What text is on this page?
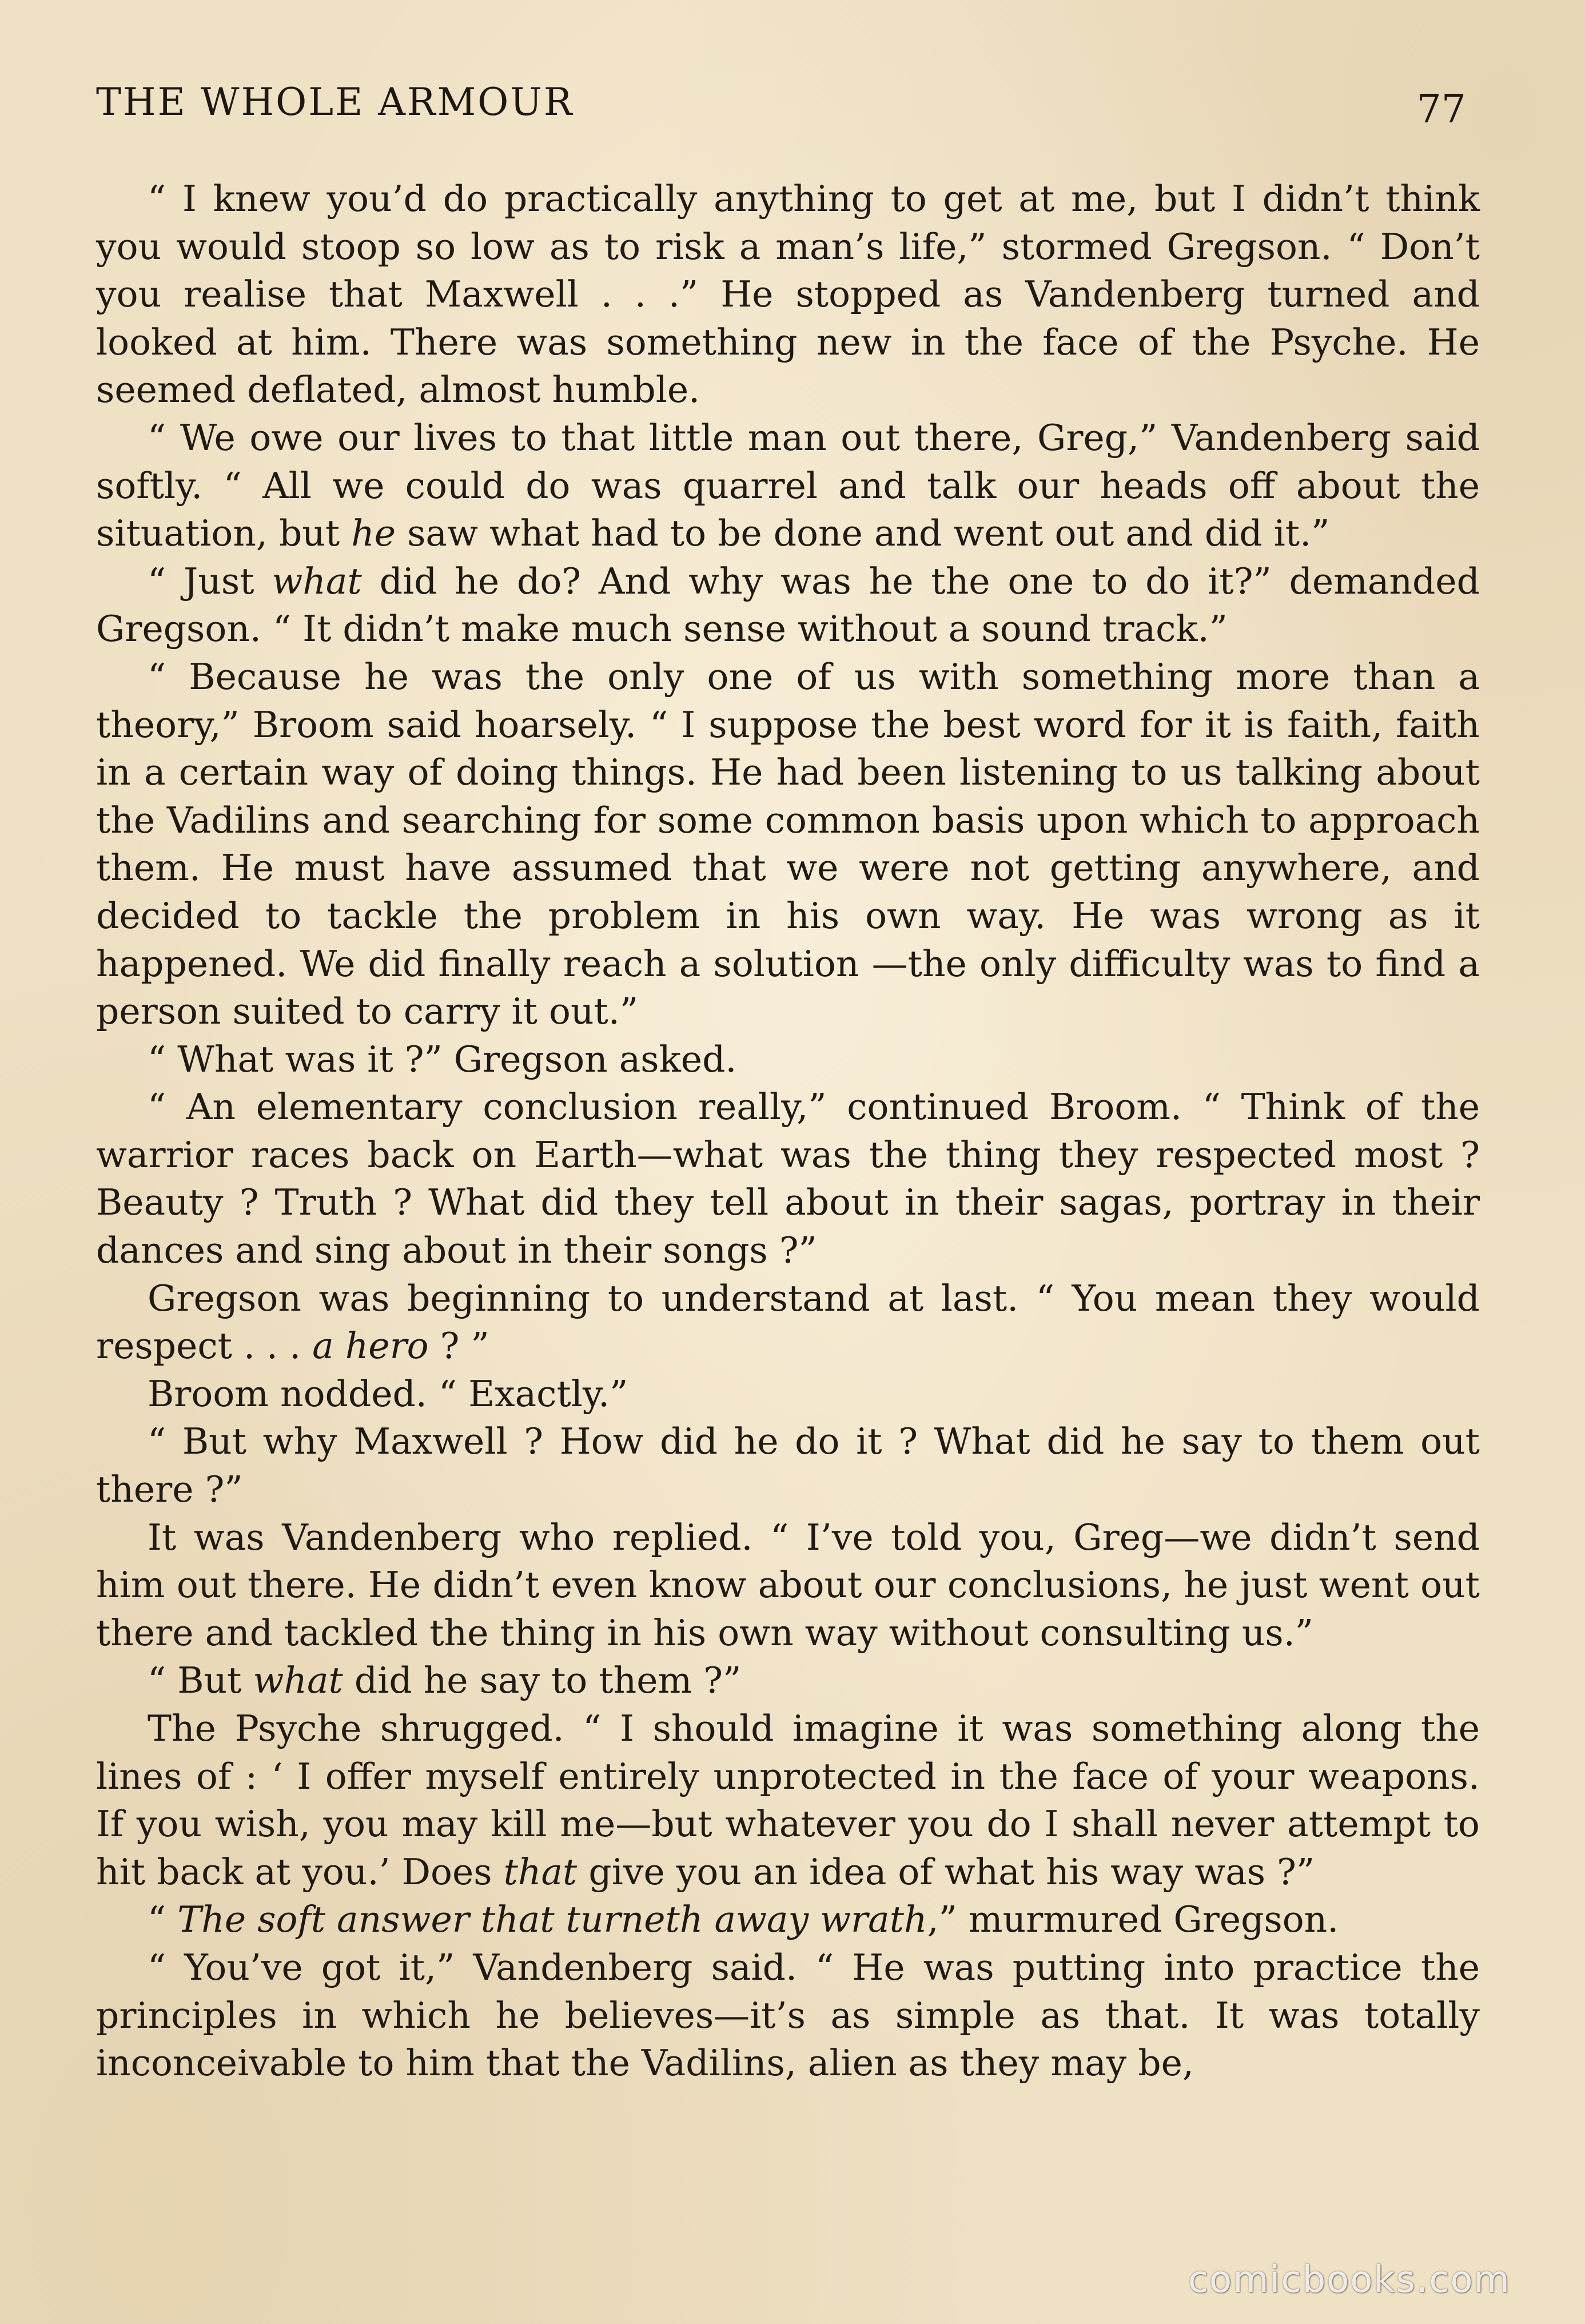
THE WHOLE ARMOUR	77

“ I knew you’d do practically anything to get at me, but I didn’t think you would stoop so low as to risk a man’s life,” stormed Gregson. “ Don’t you realise that Maxwell . . .” He stopped as Vandenberg turned and looked at him. There was something new in the face of the Psyche. He seemed deflated, almost humble.

“ We owe our lives to that little man out there, Greg,” Vandenberg said softly. “ All we could do was quarrel and talk our heads off about the situation, but he saw what had to be done and went out and did it.”

“ Just what did he do? And why was he the one to do it?” demanded Gregson. “ It didn’t make much sense without a sound track.”

“ Because he was the only one of us with something more than a theory,” Broom said hoarsely. “ I suppose the best word for it is faith, faith in a certain way of doing things. He had been listening to us talking about the Vadilins and searching for some common basis upon which to approach them. He must have assumed that we were not getting anywhere, and decided to tackle the problem in his own way. He was wrong as it happened. We did finally reach a solution —the only difficulty was to find a person suited to carry it out.”

“ What was it ?” Gregson asked.

“ An elementary conclusion really,” continued Broom. “ Think of the warrior races back on Earth—what was the thing they respected most ? Beauty ? Truth ? What did they tell about in their sagas, portray in their dances and sing about in their songs ?”

Gregson was beginning to understand at last. “ You mean they would respect . . . a hero ? ”

Broom nodded. “ Exactly.”

“ But why Maxwell ? How did he do it ? What did he say to them out there ?”

It was Vandenberg who replied. “ I’ve told you, Greg—we didn’t send him out there. He didn’t even know about our conclusions, he just went out there and tackled the thing in his own way without consulting us.”

“ But what did he say to them ?”

The Psyche shrugged. “ I should imagine it was something along the lines of : ‘ I offer myself entirely unprotected in the face of your weapons. If you wish, you may kill me—but whatever you do I shall never attempt to hit back at you.’ Does that give you an idea of what his way was ?”

“ The soft answer that turneth away wrath,” murmured Gregson.

“ You’ve got it,” Vandenberg said. “ He was putting into practice the principles in which he believes—it’s as simple as that. It was totally inconceivable to him that the Vadilins, alien as they may be,

comicbooks.com
